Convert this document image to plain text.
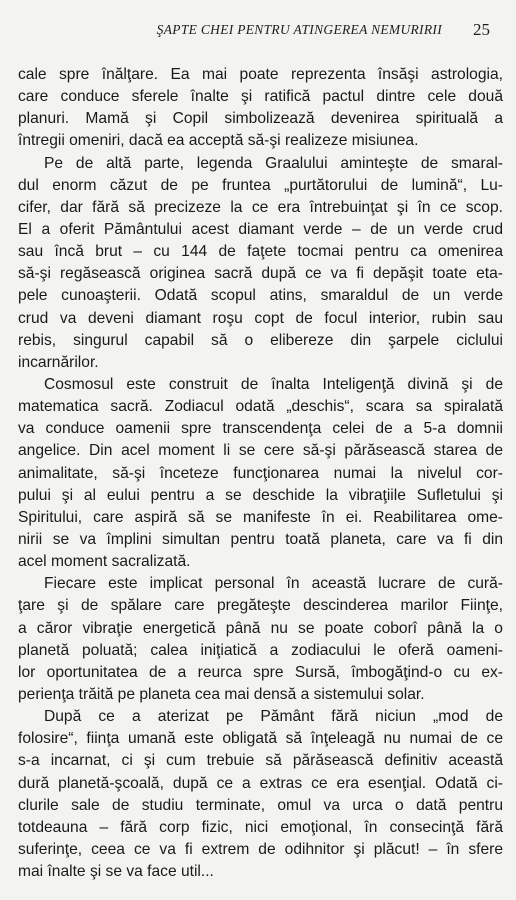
ŞAPTE CHEI PENTRU ATINGEREA NEMURIRII 25
cale spre înălţare. Ea mai poate reprezenta însăşi astrologia,
care conduce sferele înalte şi ratifică pactul dintre cele două
planuri. Mamă şi Copil simbolizează devenirea spirituală a
întregii omeniri, dacă ea acceptă să-şi realizeze misiunea.
Pe de altă parte, legenda Graalului aminteşte de smaral-
dul enorm căzut de pe fruntea „purtătorului de lumină“, Lu-
cifer, dar fără să precizeze la ce era întrebuinţat şi în ce scop.
El a oferit Pământului acest diamant verde – de un verde crud
sau încă brut – cu 144 de faţete tocmai pentru ca omenirea
să-şi regăsească originea sacră după ce va fi depăşit toate eta-
pele cunoaşterii. Odată scopul atins, smaraldul de un verde
crud va deveni diamant roşu copt de focul interior, rubin sau
rebis, singurul capabil să o elibereze din şarpele ciclului
incarnărilor.
Cosmosul este construit de înalta Inteligenţă divină şi de
matematica sacră. Zodiacul odată „deschis“, scara sa spiralată
va conduce oamenii spre transcendenţa celei de a 5-a domnii
angelice. Din acel moment li se cere să-şi părăsească starea de
animalitate, să-şi înceteze funcţionarea numai la nivelul cor-
pului şi al eului pentru a se deschide la vibraţiile Sufletului şi
Spiritului, care aspiră să se manifeste în ei. Reabilitarea ome-
nirii se va împlini simultan pentru toată planeta, care va fi din
acel moment sacralizată.
Fiecare este implicat personal în această lucrare de cură-
ţare şi de spălare care pregăteşte descinderea marilor Fiinţe,
a căror vibraţie energetică până nu se poate coborî până la o
planetă poluată; calea iniţiatică a zodiacului le oferă oameni-
lor oportunitatea de a reurca spre Sursă, îmbogăţind-o cu ex-
perienţa trăită pe planeta cea mai densă a sistemului solar.
După ce a aterizat pe Pământ fără niciun „mod de
folosire“, fiinţa umană este obligată să înţeleagă nu numai de ce
s-a incarnat, ci şi cum trebuie să părăsească definitiv această
dură planetă-şcoală, după ce a extras ce era esenţial. Odată ci-
clurile sale de studiu terminate, omul va urca o dată pentru
totdeauna – fără corp fizic, nici emoţional, în consecinţă fără
suferinţe, ceea ce va fi extrem de odihnitor şi plăcut! – în sfere
mai înalte şi se va face util...
